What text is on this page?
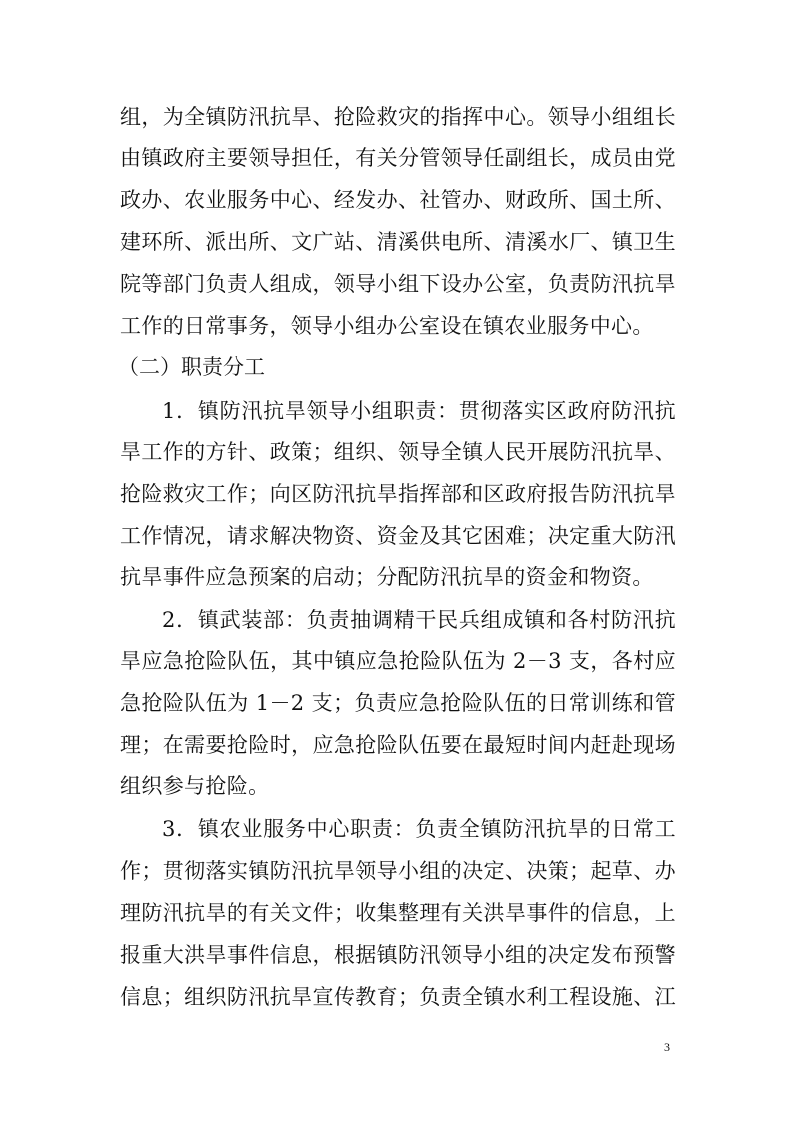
组，为全镇防汛抗旱、抢险救灾的指挥中心。领导小组组长
由镇政府主要领导担任，有关分管领导任副组长，成员由党
政办、农业服务中心、经发办、社管办、财政所、国土所、
建环所、派出所、文广站、清溪供电所、清溪水厂、镇卫生
院等部门负责人组成，领导小组下设办公室，负责防汛抗旱
工作的日常事务，领导小组办公室设在镇农业服务中心。
（二）职责分工
1．镇防汛抗旱领导小组职责：贯彻落实区政府防汛抗
旱工作的方针、政策；组织、领导全镇人民开展防汛抗旱、
抢险救灾工作；向区防汛抗旱指挥部和区政府报告防汛抗旱
工作情况，请求解决物资、资金及其它困难；决定重大防汛
抗旱事件应急预案的启动；分配防汛抗旱的资金和物资。
2．镇武装部：负责抽调精干民兵组成镇和各村防汛抗
旱应急抢险队伍，其中镇应急抢险队伍为 2－3 支，各村应
急抢险队伍为 1－2 支；负责应急抢险队伍的日常训练和管
理；在需要抢险时，应急抢险队伍要在最短时间内赶赴现场
组织参与抢险。
3．镇农业服务中心职责：负责全镇防汛抗旱的日常工
作；贯彻落实镇防汛抗旱领导小组的决定、决策；起草、办
理防汛抗旱的有关文件；收集整理有关洪旱事件的信息，上
报重大洪旱事件信息，根据镇防汛领导小组的决定发布预警
信息；组织防汛抗旱宣传教育；负责全镇水利工程设施、江
3
